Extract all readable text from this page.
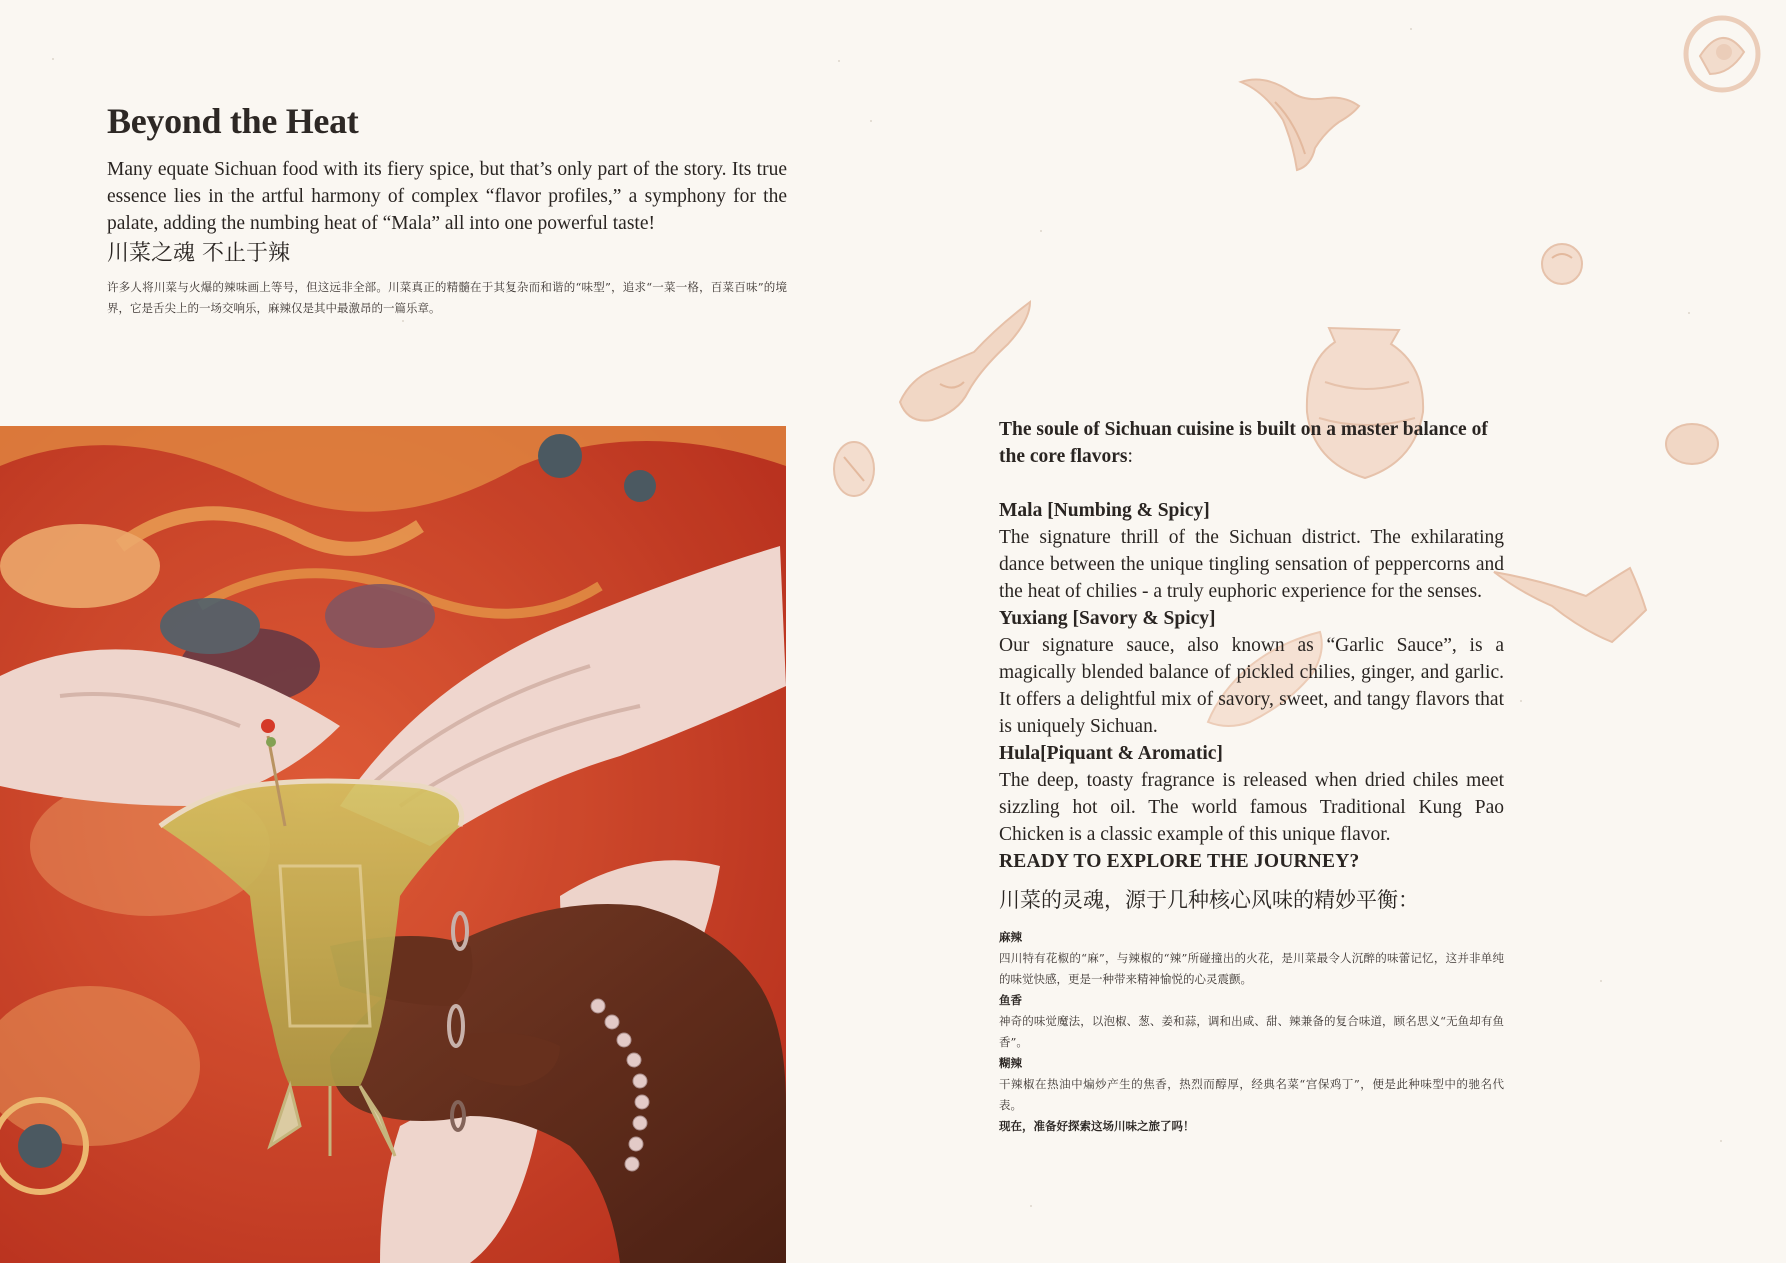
Beyond the Heat

Many equate Sichuan food with its fiery spice, but that’s only part of the story. Its true essence lies in the artful harmony of complex “flavor profiles,” a symphony for the palate, adding the numbing heat of “Mala” all into one powerful taste!

川菜之魂 不止于辣

许多人将川菜与火爆的辣味画上等号，但这远非全部。川菜真正的精髓在于其复杂而和谐的“味型”，追求“一菜一格，百菜百味”的境界，它是舌尖上的一场交响乐，麻辣仅是其中最激昂的一篇乐章。

The soule of Sichuan cuisine is built on a master balance of the core flavors:
Mala [Numbing & Spicy]

The signature thrill of the Sichuan district. The exhilarating dance between the unique tingling sensation of peppercorns and the heat of chilies - a truly euphoric experience for the senses.

Yuxiang [Savory & Spicy]

Our signature sauce, also known as “Garlic Sauce”, is a magically blended balance of pickled chilies, ginger, and garlic. It offers a delightful mix of savory, sweet, and tangy flavors that is uniquely Sichuan.

Hula[Piquant & Aromatic]

The deep, toasty fragrance is released when dried chiles meet sizzling hot oil. The world famous Traditional Kung Pao Chicken is a classic example of this unique flavor.

READY TO EXPLORE THE JOURNEY?
川菜的灵魂，源于几种核心风味的精妙平衡：
麻辣
四川特有花椒的“麻”，与辣椒的“辣”所碰撞出的火花，是川菜最令人沉醉的味蕾记忆，这并非单纯的味觉快感，更是一种带来精神愉悦的心灵震颤。
鱼香
神奇的味觉魔法，以泡椒、葱、姜和蒜，调和出咸、甜、辣兼备的复合味道，顾名思义“无鱼却有鱼香”。
糊辣
干辣椒在热油中煸炒产生的焦香，热烈而醇厚，经典名菜“宫保鸡丁”，便是此种味型中的驰名代表。
现在，准备好探索这场川味之旅了吗！
